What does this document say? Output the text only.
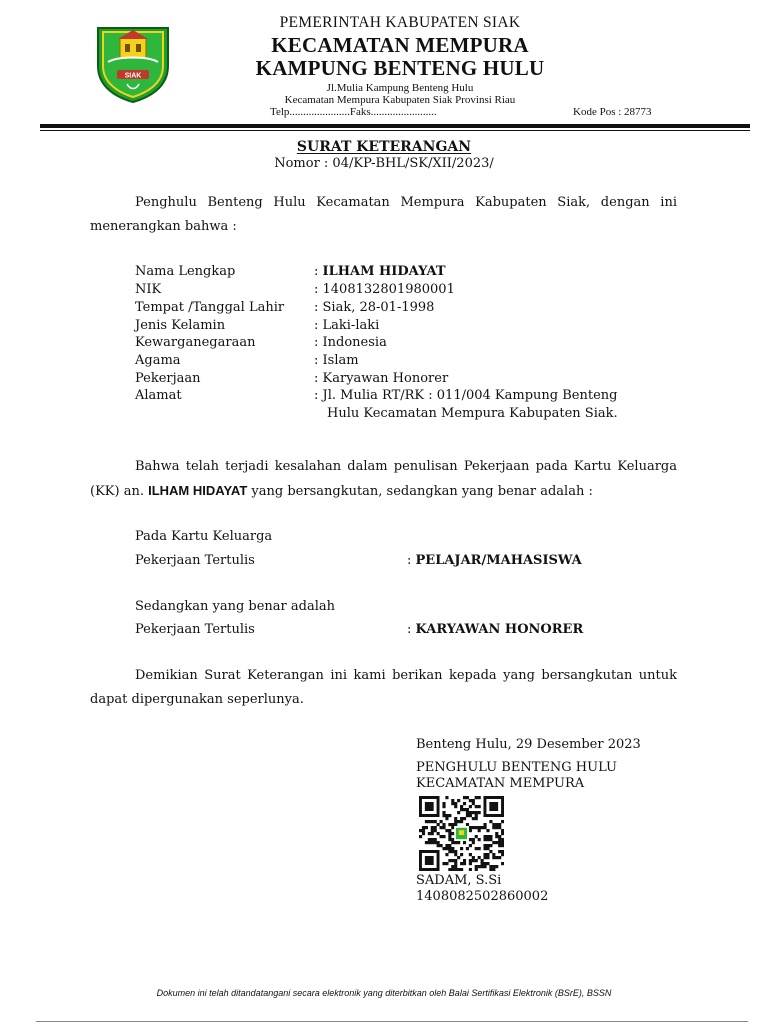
SIAK
PEMERINTAH KABUPATEN SIAK
KECAMATAN MEMPURA
KAMPUNG BENTENG HULU
Jl.Mulia Kampung Benteng Hulu
Kecamatan Mempura Kabupaten Siak Provinsi Riau
Telp......................Faks........................	Kode Pos : 28773
SURAT KETERANGAN
Nomor : 04/KP-BHL/SK/XII/2023/
Penghulu Benteng Hulu Kecamatan Mempura Kabupaten Siak, dengan ini menerangkan bahwa :
Nama Lengkap	: ILHAM HIDAYAT
NIK	: 1408132801980001
Tempat /Tanggal Lahir : Siak, 28-01-1998
Jenis Kelamin	: Laki-laki
Kewarganegaraan	: Indonesia
Agama	: Islam
Pekerjaan	: Karyawan Honorer
Alamat	: Jl. Mulia RT/RK : 011/004 Kampung Benteng
Hulu Kecamatan Mempura Kabupaten Siak.
Bahwa telah terjadi kesalahan dalam penulisan Pekerjaan pada Kartu Keluarga (KK) an. ILHAM HIDAYAT yang bersangkutan, sedangkan yang benar adalah :
Pada Kartu Keluarga
Pekerjaan Tertulis	: PELAJAR/MAHASISWA
Sedangkan yang benar adalah
Pekerjaan Tertulis	: KARYAWAN HONORER
Demikian Surat Keterangan ini kami berikan kepada yang bersangkutan untuk dapat dipergunakan seperlunya.
Benteng Hulu, 29 Desember 2023
PENGHULU BENTENG HULU
KECAMATAN MEMPURA
SADAM, S.Si
1408082502860002
Dokumen ini telah ditandatangani secara elektronik yang diterbitkan oleh Balai Sertifikasi Elektronik (BSrE), BSSN
